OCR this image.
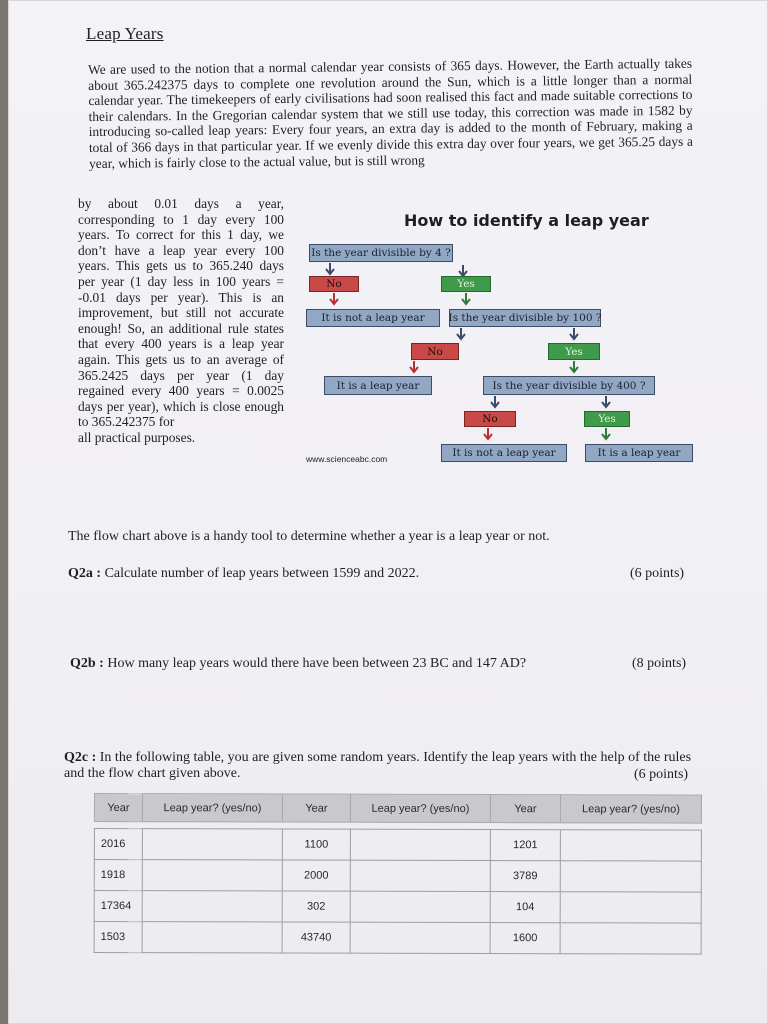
Leap Years
We are used to the notion that a normal calendar year consists of 365 days. However, the Earth actually takes about 365.242375 days to complete one revolution around the Sun, which is a little longer than a normal calendar year. The timekeepers of early civilisations had soon realised this fact and made suitable corrections to their calendars. In the Gregorian calendar system that we still use today, this correction was made in 1582 by introducing so-called leap years: Every four years, an extra day is added to the month of February, making a total of 366 days in that particular year. If we evenly divide this extra day over four years, we get 365.25 days a year, which is fairly close to the actual value, but is still wrong
by about 0.01 days a year, corresponding to 1 day every 100 years. To correct for this 1 day, we don’t have a leap year every 100 years. This gets us to 365.240 days per year (1 day less in 100 years = -0.01 days per year). This is an improvement, but still not accurate enough! So, an additional rule states that every 400 years is a leap year again. This gets us to an average of 365.2425 days per year (1 day regained every 400 years = 0.0025 days per year), which is close enough to 365.242375 for
all practical purposes.
How to identify a leap year
Is the year divisible by 4 ?
No	Yes
It is not a leap year	Is the year divisible by 100 ?
No	Yes
It is a leap year	Is the year divisible by 400 ?
No	Yes
It is not a leap year	It is a leap year
www.scienceabc.com
The flow chart above is a handy tool to determine whether a year is a leap year or not.
Q2a : Calculate number of leap years between 1599 and 2022.	(6 points)
Q2b : How many leap years would there have been between 23 BC and 147 AD?	(8 points)
Q2c : In the following table, you are given some random years. Identify the leap years with the help of the rules and the flow chart given above.	(6 points)
Year	Leap year? (yes/no)	Year	Leap year? (yes/no)	Year	Leap year? (yes/no)

2016		1100		1201	
1918		2000		3789	
17364		302		104	
1503		43740		1600	
